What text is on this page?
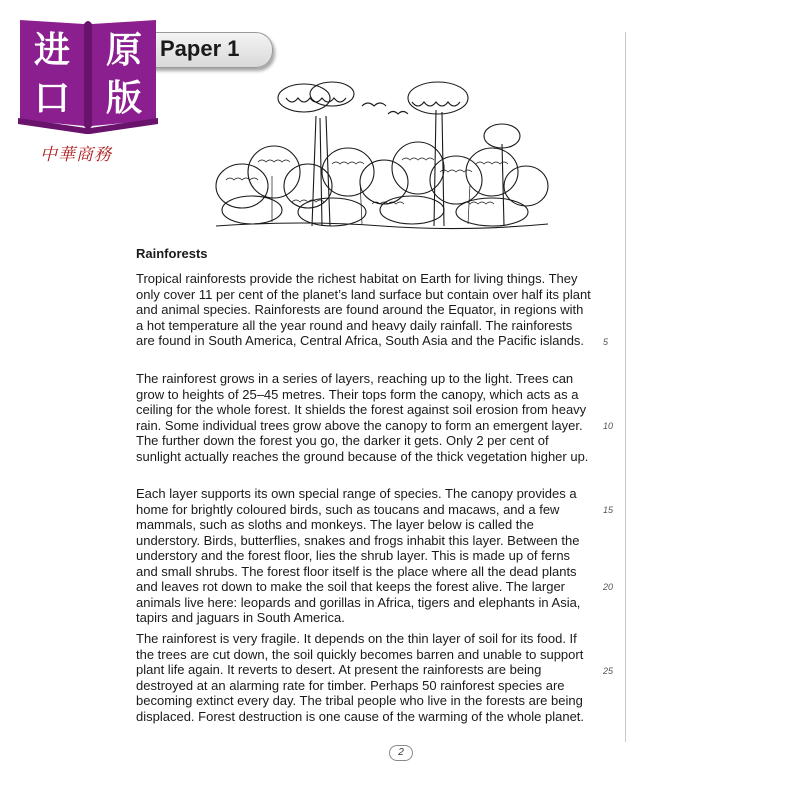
Paper 1
进 原
口 版
中華商務
Rainforests

Tropical rainforests provide the richest habitat on Earth for living things. They only cover 11 per cent of the planet’s land surface but contain over half its plant and animal species. Rainforests are found around the Equator, in regions with a hot temperature all the year round and heavy daily rainfall. The rainforests are found in South America, Central Africa, South Asia and the Pacific islands.

The rainforest grows in a series of layers, reaching up to the light. Trees can grow to heights of 25–45 metres. Their tops form the canopy, which acts as a ceiling for the whole forest. It shields the forest against soil erosion from heavy rain. Some individual trees grow above the canopy to form an emergent layer. The further down the forest you go, the darker it gets. Only 2 per cent of sunlight actually reaches the ground because of the thick vegetation higher up.

Each layer supports its own special range of species. The canopy provides a home for brightly coloured birds, such as toucans and macaws, and a few mammals, such as sloths and monkeys. The layer below is called the understory. Birds, butterflies, snakes and frogs inhabit this layer. Between the understory and the forest floor, lies the shrub layer. This is made up of ferns and small shrubs. The forest floor itself is the place where all the dead plants and leaves rot down to make the soil that keeps the forest alive. The larger animals live here: leopards and gorillas in Africa, tigers and elephants in Asia, tapirs and jaguars in South America.

The rainforest is very fragile. It depends on the thin layer of soil for its food. If the trees are cut down, the soil quickly becomes barren and unable to support plant life again. It reverts to desert. At present the rainforests are being destroyed at an alarming rate for timber. Perhaps 50 rainforest species are becoming extinct every day. The tribal people who live in the forests are being displaced. Forest destruction is one cause of the warming of the whole planet.

5
10
15
20
25
2
